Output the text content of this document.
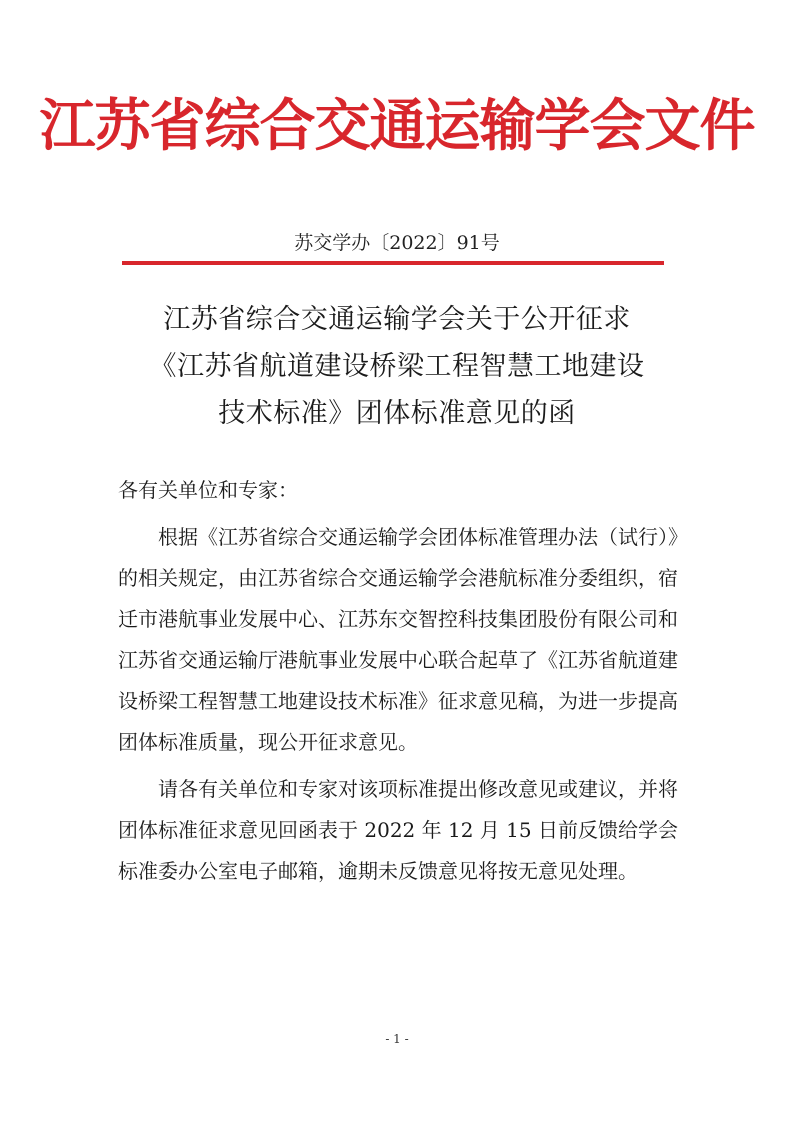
江苏省综合交通运输学会文件
苏交学办〔2022〕91号
江苏省综合交通运输学会关于公开征求
《江苏省航道建设桥梁工程智慧工地建设
技术标准》团体标准意见的函
各有关单位和专家：

根据《江苏省综合交通运输学会团体标准管理办法（试行）》的相关规定，由江苏省综合交通运输学会港航标准分委组织，宿迁市港航事业发展中心、江苏东交智控科技集团股份有限公司和江苏省交通运输厅港航事业发展中心联合起草了《江苏省航道建设桥梁工程智慧工地建设技术标准》征求意见稿，为进一步提高团体标准质量，现公开征求意见。

请各有关单位和专家对该项标准提出修改意见或建议，并将团体标准征求意见回函表于 2022 年 12 月 15 日前反馈给学会标准委办公室电子邮箱，逾期未反馈意见将按无意见处理。

- 1 -
